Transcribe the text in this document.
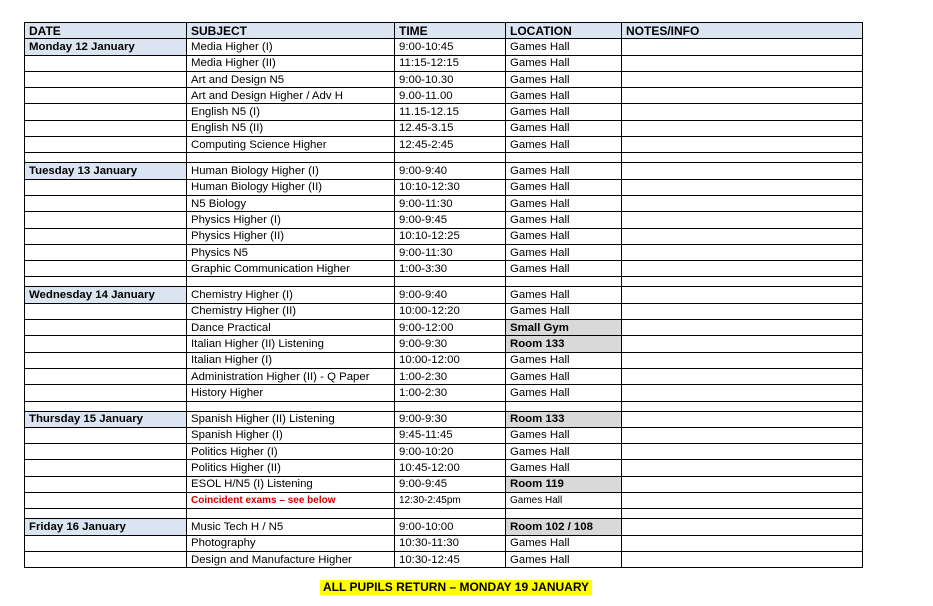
DATE	SUBJECT	TIME	LOCATION	NOTES/INFO
Monday 12 January	Media Higher (I)	9:00-10:45	Games Hall	
	Media Higher (II)	11:15-12:15	Games Hall	
	Art and Design N5	9:00-10.30	Games Hall	
	Art and Design Higher / Adv H	9.00-11.00	Games Hall	
	English N5 (I)	11.15-12.15	Games Hall	
	English N5 (II)	12.45-3.15	Games Hall	
	Computing Science Higher	12:45-2:45	Games Hall	

Tuesday 13 January	Human Biology Higher (I)	9:00-9:40	Games Hall	
	Human Biology Higher (II)	10:10-12:30	Games Hall	
	N5 Biology	9:00-11:30	Games Hall	
	Physics Higher (I)	9:00-9:45	Games Hall	
	Physics Higher (II)	10:10-12:25	Games Hall	
	Physics N5	9:00-11:30	Games Hall	
	Graphic Communication Higher	1:00-3:30	Games Hall	

Wednesday 14 January	Chemistry Higher (I)	9:00-9:40	Games Hall	
	Chemistry Higher (II)	10:00-12:20	Games Hall	
	Dance Practical	9:00-12:00	Small Gym	
	Italian Higher (II) Listening	9:00-9:30	Room 133	
	Italian Higher (I)	10:00-12:00	Games Hall	
	Administration Higher (II) - Q Paper	1:00-2:30	Games Hall	
	History Higher	1:00-2:30	Games Hall	

Thursday 15 January	Spanish Higher (II) Listening	9:00-9:30	Room 133	
	Spanish Higher (I)	9:45-11:45	Games Hall	
	Politics Higher (I)	9:00-10:20	Games Hall	
	Politics Higher (II)	10:45-12:00	Games Hall	
	ESOL H/N5 (I) Listening	9:00-9:45	Room 119	
	Coincident exams – see below	12:30-2:45pm	Games Hall	

Friday 16 January	Music Tech H / N5	9:00-10:00	Room 102 / 108	
	Photography	10:30-11:30	Games Hall	
	Design and Manufacture Higher	10:30-12:45	Games Hall	
ALL PUPILS RETURN – MONDAY 19 JANUARY
